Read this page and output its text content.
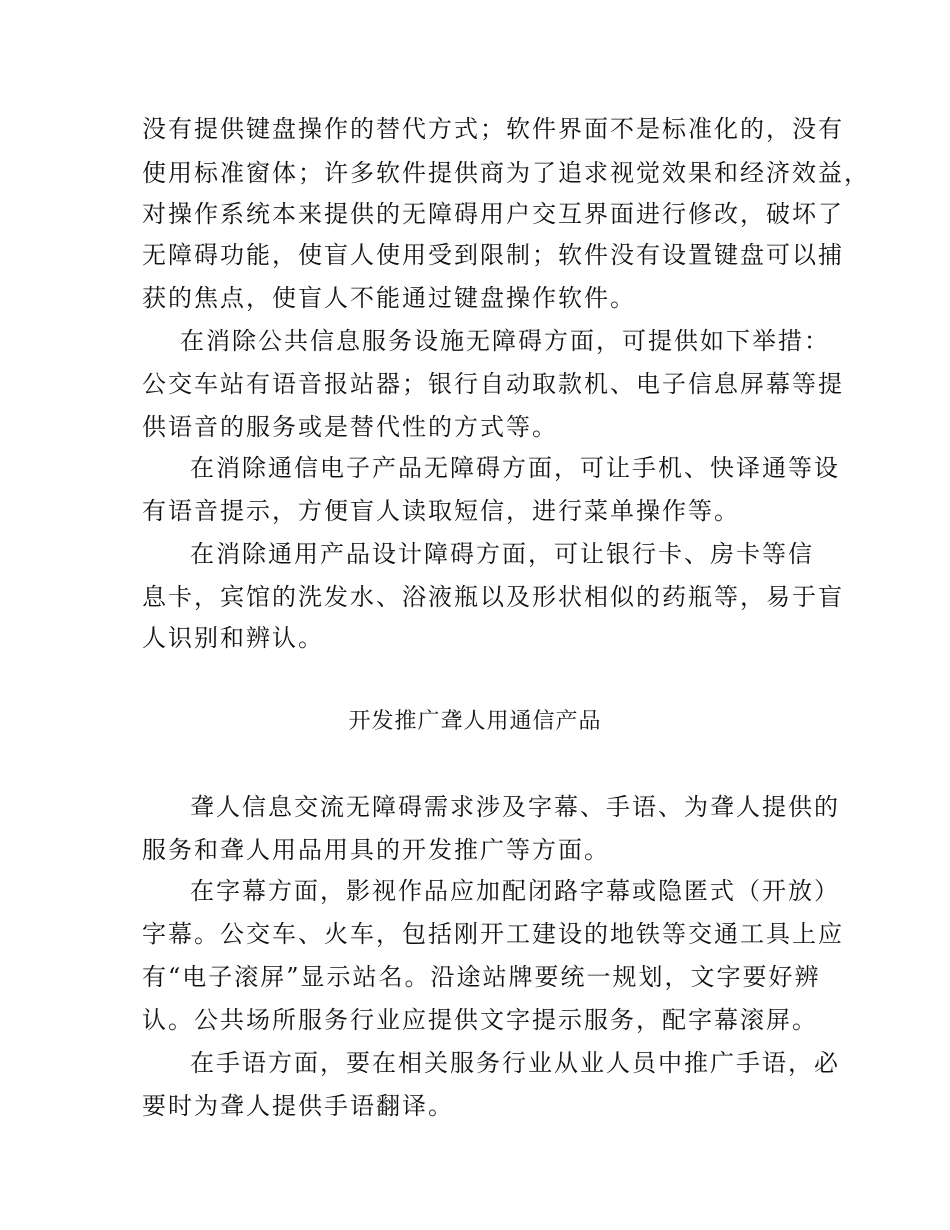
没有提供键盘操作的替代方式；软件界面不是标准化的，没有
使用标准窗体；许多软件提供商为了追求视觉效果和经济效益，
对操作系统本来提供的无障碍用户交互界面进行修改，破坏了
无障碍功能，使盲人使用受到限制；软件没有设置键盘可以捕
获的焦点，使盲人不能通过键盘操作软件。
在消除公共信息服务设施无障碍方面，可提供如下举措：
公交车站有语音报站器；银行自动取款机、电子信息屏幕等提
供语音的服务或是替代性的方式等。
在消除通信电子产品无障碍方面，可让手机、快译通等设
有语音提示，方便盲人读取短信，进行菜单操作等。
在消除通用产品设计障碍方面，可让银行卡、房卡等信
息卡，宾馆的洗发水、浴液瓶以及形状相似的药瓶等，易于盲
人识别和辨认。
开发推广聋人用通信产品
聋人信息交流无障碍需求涉及字幕、手语、为聋人提供的
服务和聋人用品用具的开发推广等方面。
在字幕方面，影视作品应加配闭路字幕或隐匿式（开放）
字幕。公交车、火车，包括刚开工建设的地铁等交通工具上应
有“电子滚屏”显示站名。沿途站牌要统一规划，文字要好辨
认。公共场所服务行业应提供文字提示服务，配字幕滚屏。
在手语方面，要在相关服务行业从业人员中推广手语，必
要时为聋人提供手语翻译。
